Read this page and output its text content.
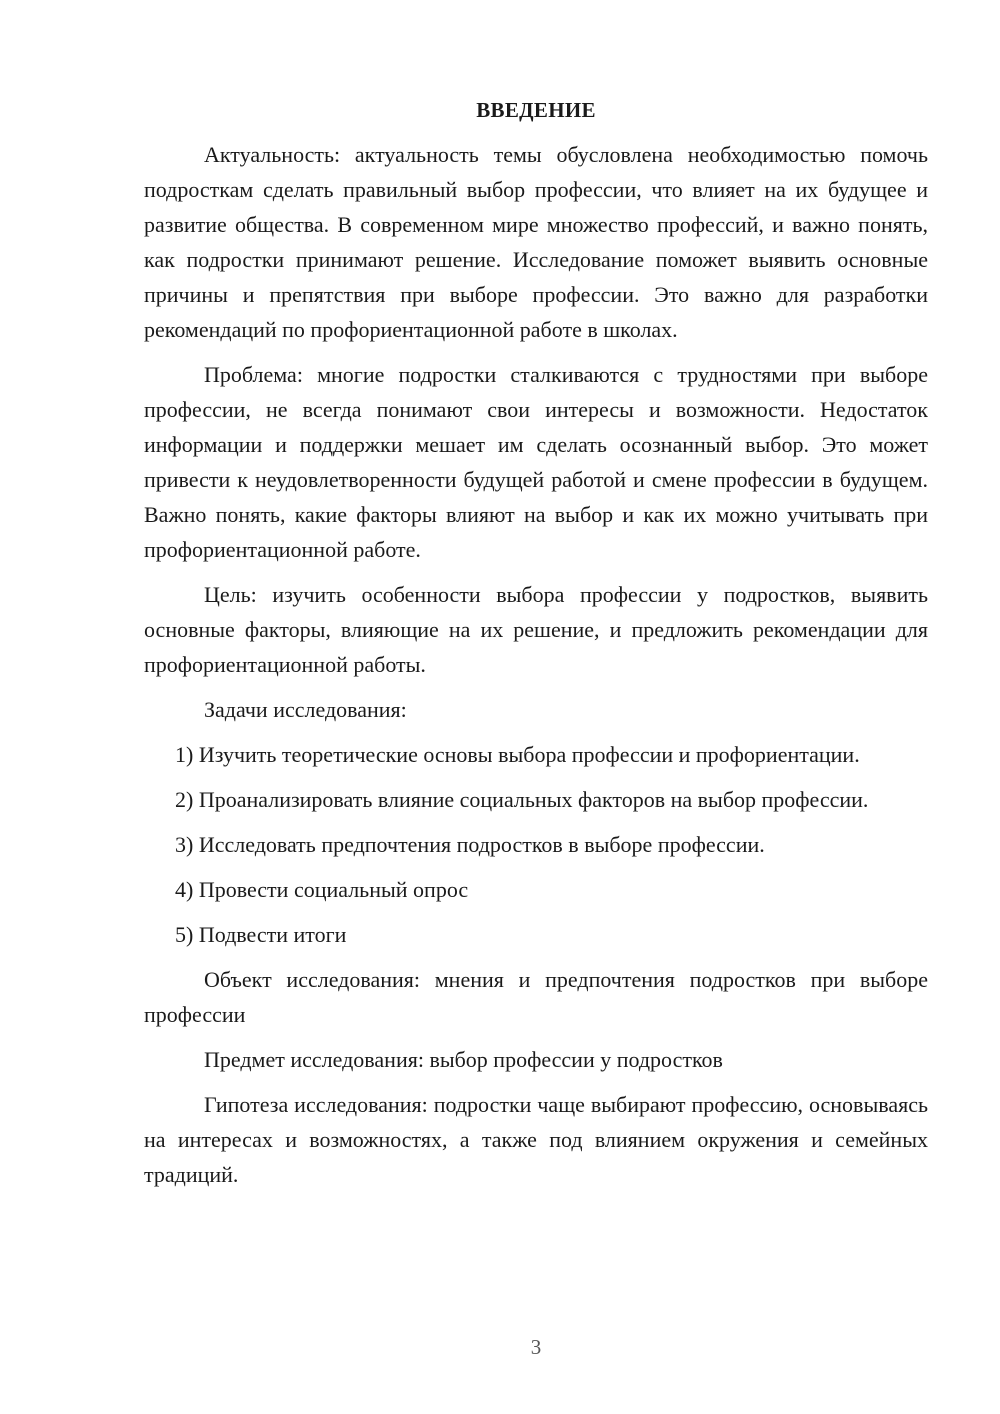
ВВЕДЕНИЕ

Актуальность: актуальность темы обусловлена необходимостью помочь подросткам сделать правильный выбор профессии, что влияет на их будущее и развитие общества. В современном мире множество профессий, и важно понять, как подростки принимают решение. Исследование поможет выявить основные причины и препятствия при выборе профессии. Это важно для разработки рекомендаций по профориентационной работе в школах.

Проблема: многие подростки сталкиваются с трудностями при выборе профессии, не всегда понимают свои интересы и возможности. Недостаток информации и поддержки мешает им сделать осознанный выбор. Это может привести к неудовлетворенности будущей работой и смене профессии в будущем. Важно понять, какие факторы влияют на выбор и как их можно учитывать при профориентационной работе.

Цель: изучить особенности выбора профессии у подростков, выявить основные факторы, влияющие на их решение, и предложить рекомендации для профориентационной работы.

Задачи исследования:

1) Изучить теоретические основы выбора профессии и профориентации.

2) Проанализировать влияние социальных факторов на выбор профессии.

3) Исследовать предпочтения подростков в выборе профессии.

4) Провести социальный опрос

5) Подвести итоги

Объект исследования: мнения и предпочтения подростков при выборе профессии

Предмет исследования: выбор профессии у подростков

Гипотеза исследования: подростки чаще выбирают профессию, основываясь на интересах и возможностях, а также под влиянием окружения и семейных традиций.

3
